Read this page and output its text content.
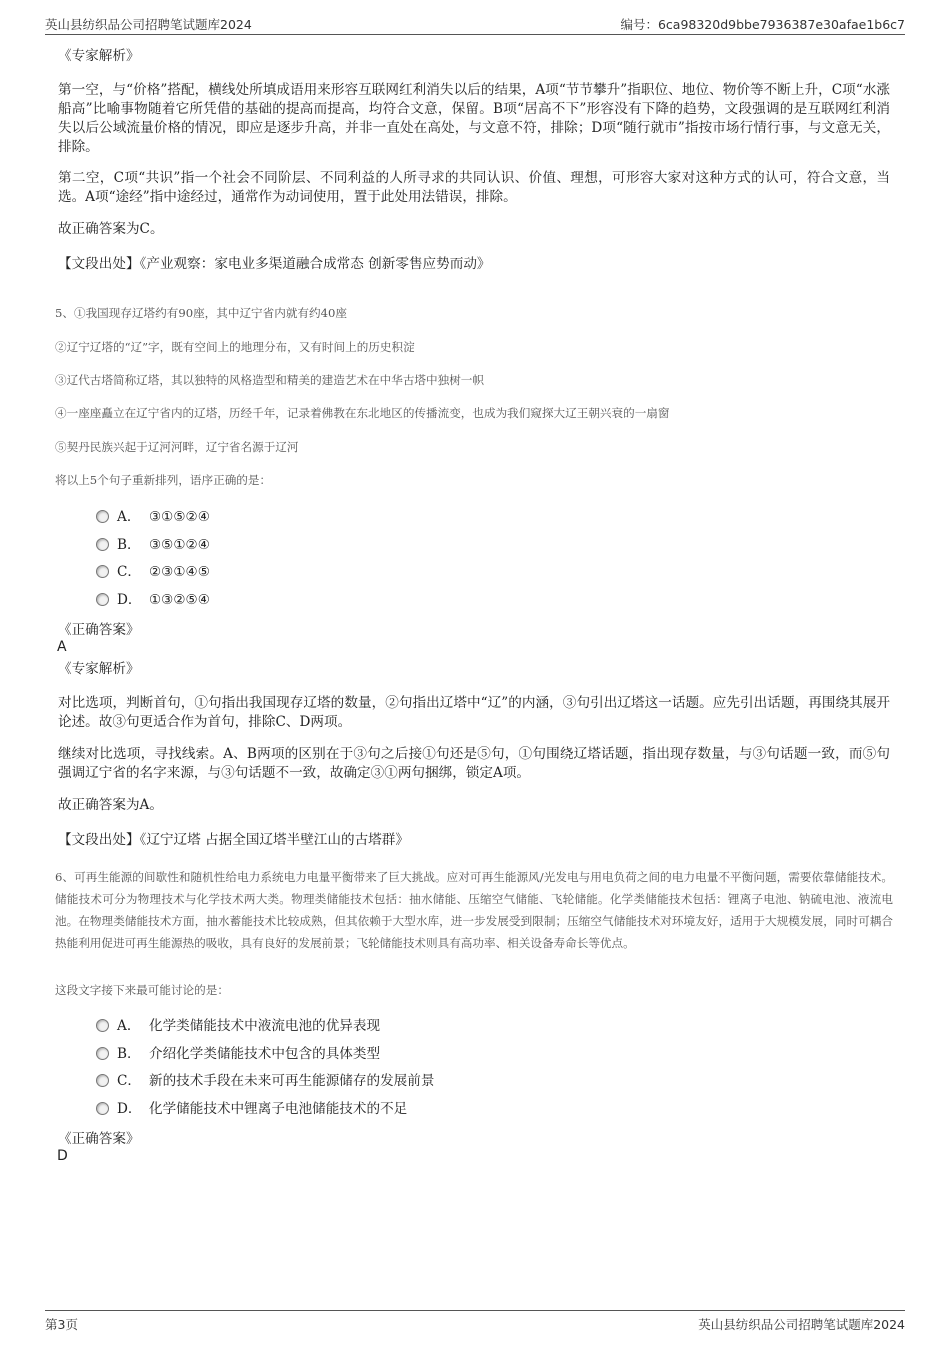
英山县纺织品公司招聘笔试题库2024	编号：6ca98320d9bbe7936387e30afae1b6c7
《专家解析》
第一空，与“价格”搭配，横线处所填成语用来形容互联网红利消失以后的结果，A项“节节攀升”指职位、地位、物价等不断上升，C项“水涨船高”比喻事物随着它所凭借的基础的提高而提高，均符合文意，保留。B项“居高不下”形容没有下降的趋势，文段强调的是互联网红利消失以后公域流量价格的情况，即应是逐步升高，并非一直处在高处，与文意不符，排除；D项“随行就市”指按市场行情行事，与文意无关，排除。
第二空，C项“共识”指一个社会不同阶层、不同利益的人所寻求的共同认识、价值、理想，可形容大家对这种方式的认可，符合文意，当选。A项“途经”指中途经过，通常作为动词使用，置于此处用法错误，排除。
故正确答案为C。
【文段出处】《产业观察：家电业多渠道融合成常态 创新零售应势而动》
5、①我国现存辽塔约有90座，其中辽宁省内就有约40座
②辽宁辽塔的“辽”字，既有空间上的地理分布，又有时间上的历史积淀
③辽代古塔简称辽塔，其以独特的风格造型和精美的建造艺术在中华古塔中独树一帜
④一座座矗立在辽宁省内的辽塔，历经千年，记录着佛教在东北地区的传播流变，也成为我们窥探大辽王朝兴衰的一扇窗
⑤契丹民族兴起于辽河河畔，辽宁省名源于辽河
将以上5个句子重新排列，语序正确的是：
A． ③①⑤②④
B． ③⑤①②④
C． ②③①④⑤
D． ①③②⑤④
《正确答案》
A
《专家解析》
对比选项，判断首句，①句指出我国现存辽塔的数量，②句指出辽塔中“辽”的内涵，③句引出辽塔这一话题。应先引出话题，再围绕其展开论述。故③句更适合作为首句，排除C、D两项。
继续对比选项，寻找线索。A、B两项的区别在于③句之后接①句还是⑤句，①句围绕辽塔话题，指出现存数量，与③句话题一致，而⑤句强调辽宁省的名字来源，与③句话题不一致，故确定③①两句捆绑，锁定A项。
故正确答案为A。
【文段出处】《辽宁辽塔 占据全国辽塔半壁江山的古塔群》
6、可再生能源的间歇性和随机性给电力系统电力电量平衡带来了巨大挑战。应对可再生能源风/光发电与用电负荷之间的电力电量不平衡问题，需要依靠储能技术。储能技术可分为物理技术与化学技术两大类。物理类储能技术包括：抽水储能、压缩空气储能、飞轮储能。化学类储能技术包括：锂离子电池、钠硫电池、液流电池。在物理类储能技术方面，抽水蓄能技术比较成熟，但其依赖于大型水库，进一步发展受到限制；压缩空气储能技术对环境友好，适用于大规模发展，同时可耦合热能利用促进可再生能源热的吸收，具有良好的发展前景；飞轮储能技术则具有高功率、相关设备寿命长等优点。
这段文字接下来最可能讨论的是：
A． 化学类储能技术中液流电池的优异表现
B． 介绍化学类储能技术中包含的具体类型
C． 新的技术手段在未来可再生能源储存的发展前景
D． 化学储能技术中锂离子电池储能技术的不足
《正确答案》
D
第3页	英山县纺织品公司招聘笔试题库2024
